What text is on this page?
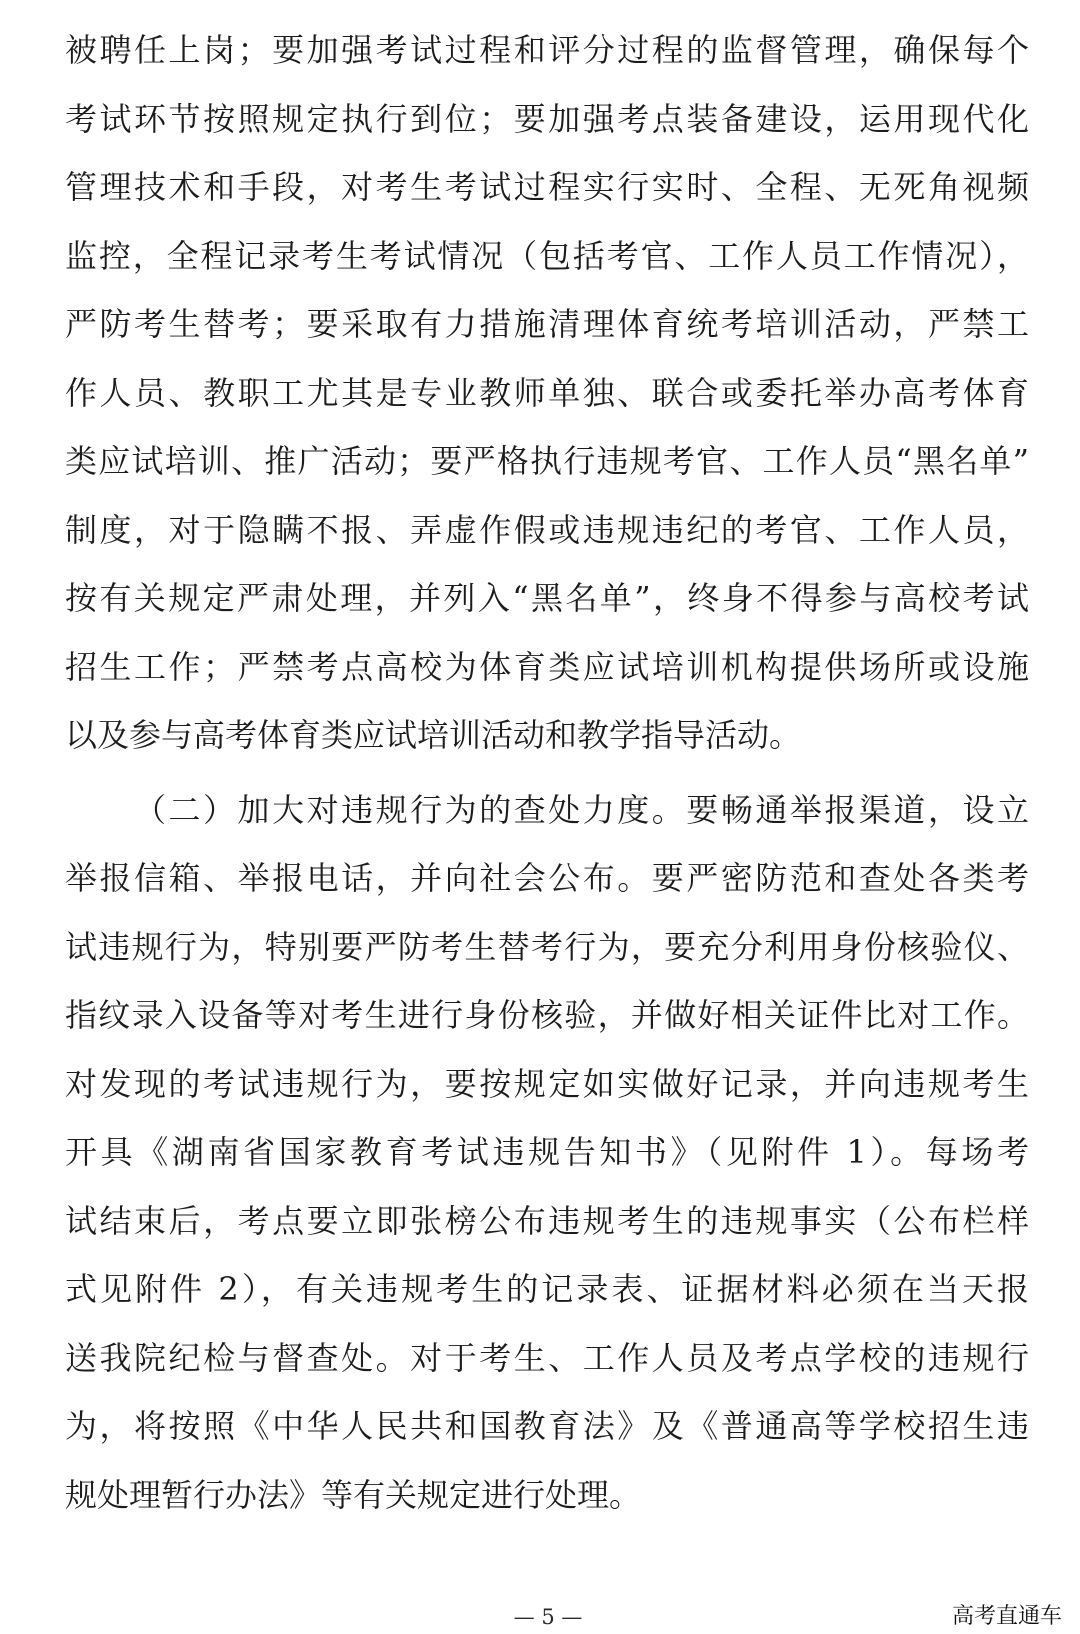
被聘任上岗；要加强考试过程和评分过程的监督管理，确保每个
考试环节按照规定执行到位；要加强考点装备建设，运用现代化
管理技术和手段，对考生考试过程实行实时、全程、无死角视频
监控，全程记录考生考试情况（包括考官、工作人员工作情况），
严防考生替考；要采取有力措施清理体育统考培训活动，严禁工
作人员、教职工尤其是专业教师单独、联合或委托举办高考体育
类应试培训、推广活动；要严格执行违规考官、工作人员“黑名单”
制度，对于隐瞒不报、弄虚作假或违规违纪的考官、工作人员，
按有关规定严肃处理，并列入“黑名单”，终身不得参与高校考试
招生工作；严禁考点高校为体育类应试培训机构提供场所或设施
以及参与高考体育类应试培训活动和教学指导活动。
（二）加大对违规行为的查处力度。要畅通举报渠道，设立
举报信箱、举报电话，并向社会公布。要严密防范和查处各类考
试违规行为，特别要严防考生替考行为，要充分利用身份核验仪、
指纹录入设备等对考生进行身份核验，并做好相关证件比对工作。
对发现的考试违规行为，要按规定如实做好记录，并向违规考生
开具《湖南省国家教育考试违规告知书》（见附件 1）。每场考
试结束后，考点要立即张榜公布违规考生的违规事实（公布栏样
式见附件 2），有关违规考生的记录表、证据材料必须在当天报
送我院纪检与督查处。对于考生、工作人员及考点学校的违规行
为，将按照《中华人民共和国教育法》及《普通高等学校招生违
规处理暂行办法》等有关规定进行处理。
— 5 —	高考直通车
